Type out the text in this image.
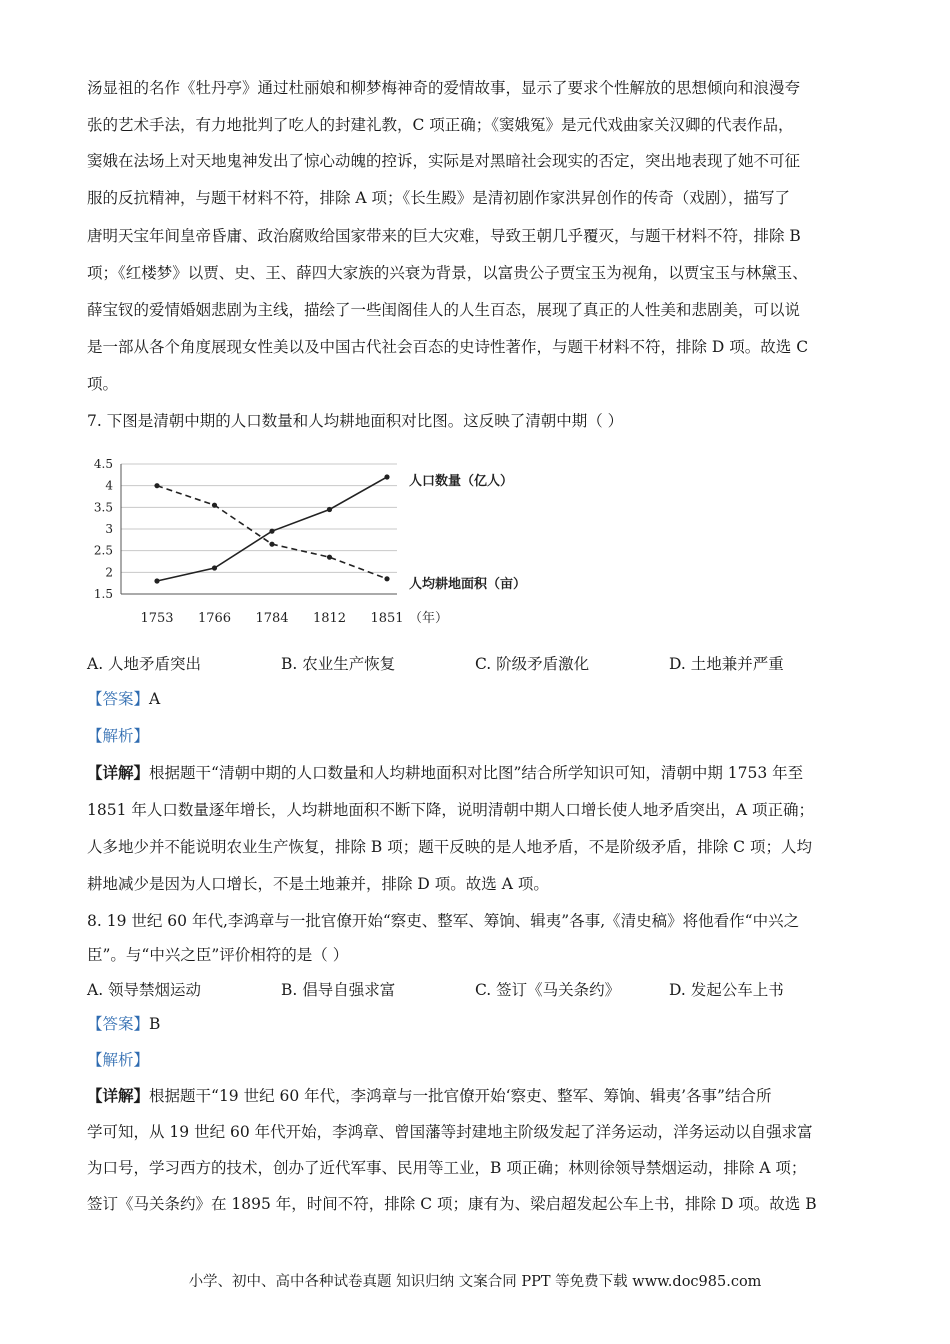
汤显祖的名作《牡丹亭》通过杜丽娘和柳梦梅神奇的爱情故事，显示了要求个性解放的思想倾向和浪漫夸
张的艺术手法，有力地批判了吃人的封建礼教，C 项正确；《窦娥冤》是元代戏曲家关汉卿的代表作品，
窦娥在法场上对天地鬼神发出了惊心动魄的控诉，实际是对黑暗社会现实的否定，突出地表现了她不可征
服的反抗精神，与题干材料不符，排除 A 项；《长生殿》是清初剧作家洪昇创作的传奇（戏剧），描写了
唐明天宝年间皇帝昏庸、政治腐败给国家带来的巨大灾难，导致王朝几乎覆灭，与题干材料不符，排除 B
项；《红楼梦》以贾、史、王、薛四大家族的兴衰为背景，以富贵公子贾宝玉为视角，以贾宝玉与林黛玉、
薛宝钗的爱情婚姻悲剧为主线，描绘了一些闺阁佳人的人生百态，展现了真正的人性美和悲剧美，可以说
是一部从各个角度展现女性美以及中国古代社会百态的史诗性著作，与题干材料不符，排除 D 项。故选 C
项。
7. 下图是清朝中期的人口数量和人均耕地面积对比图。这反映了清朝中期（ ）
4.5
4
3.5
3
2.5
2
1.5
1753 1766 1784 1812 1851 （年）
人口数量（亿人）
人均耕地面积（亩）
A. 人地矛盾突出	B. 农业生产恢复	C. 阶级矛盾激化	D. 土地兼并严重
【答案】A
【解析】
【详解】根据题干“清朝中期的人口数量和人均耕地面积对比图”结合所学知识可知，清朝中期 1753 年至
1851 年人口数量逐年增长，人均耕地面积不断下降，说明清朝中期人口增长使人地矛盾突出，A 项正确；
人多地少并不能说明农业生产恢复，排除 B 项；题干反映的是人地矛盾，不是阶级矛盾，排除 C 项；人均
耕地减少是因为人口增长，不是土地兼并，排除 D 项。故选 A 项。
8. 19 世纪 60 年代,李鸿章与一批官僚开始“察吏、整军、筹饷、辑夷”各事,《清史稿》将他看作“中兴之
臣”。与“中兴之臣”评价相符的是（ ）
A. 领导禁烟运动	B. 倡导自强求富	C. 签订《马关条约》	D. 发起公车上书
【答案】B
【解析】
【详解】根据题干“19 世纪 60 年代，李鸿章与一批官僚开始‘察吏、整军、筹饷、辑夷’各事”结合所
学可知，从 19 世纪 60 年代开始，李鸿章、曾国藩等封建地主阶级发起了洋务运动，洋务运动以自强求富
为口号，学习西方的技术，创办了近代军事、民用等工业，B 项正确；林则徐领导禁烟运动，排除 A 项；
签订《马关条约》在 1895 年，时间不符，排除 C 项；康有为、梁启超发起公车上书，排除 D 项。故选 B
小学、初中、高中各种试卷真题 知识归纳 文案合同 PPT 等免费下载 www.doc985.com
